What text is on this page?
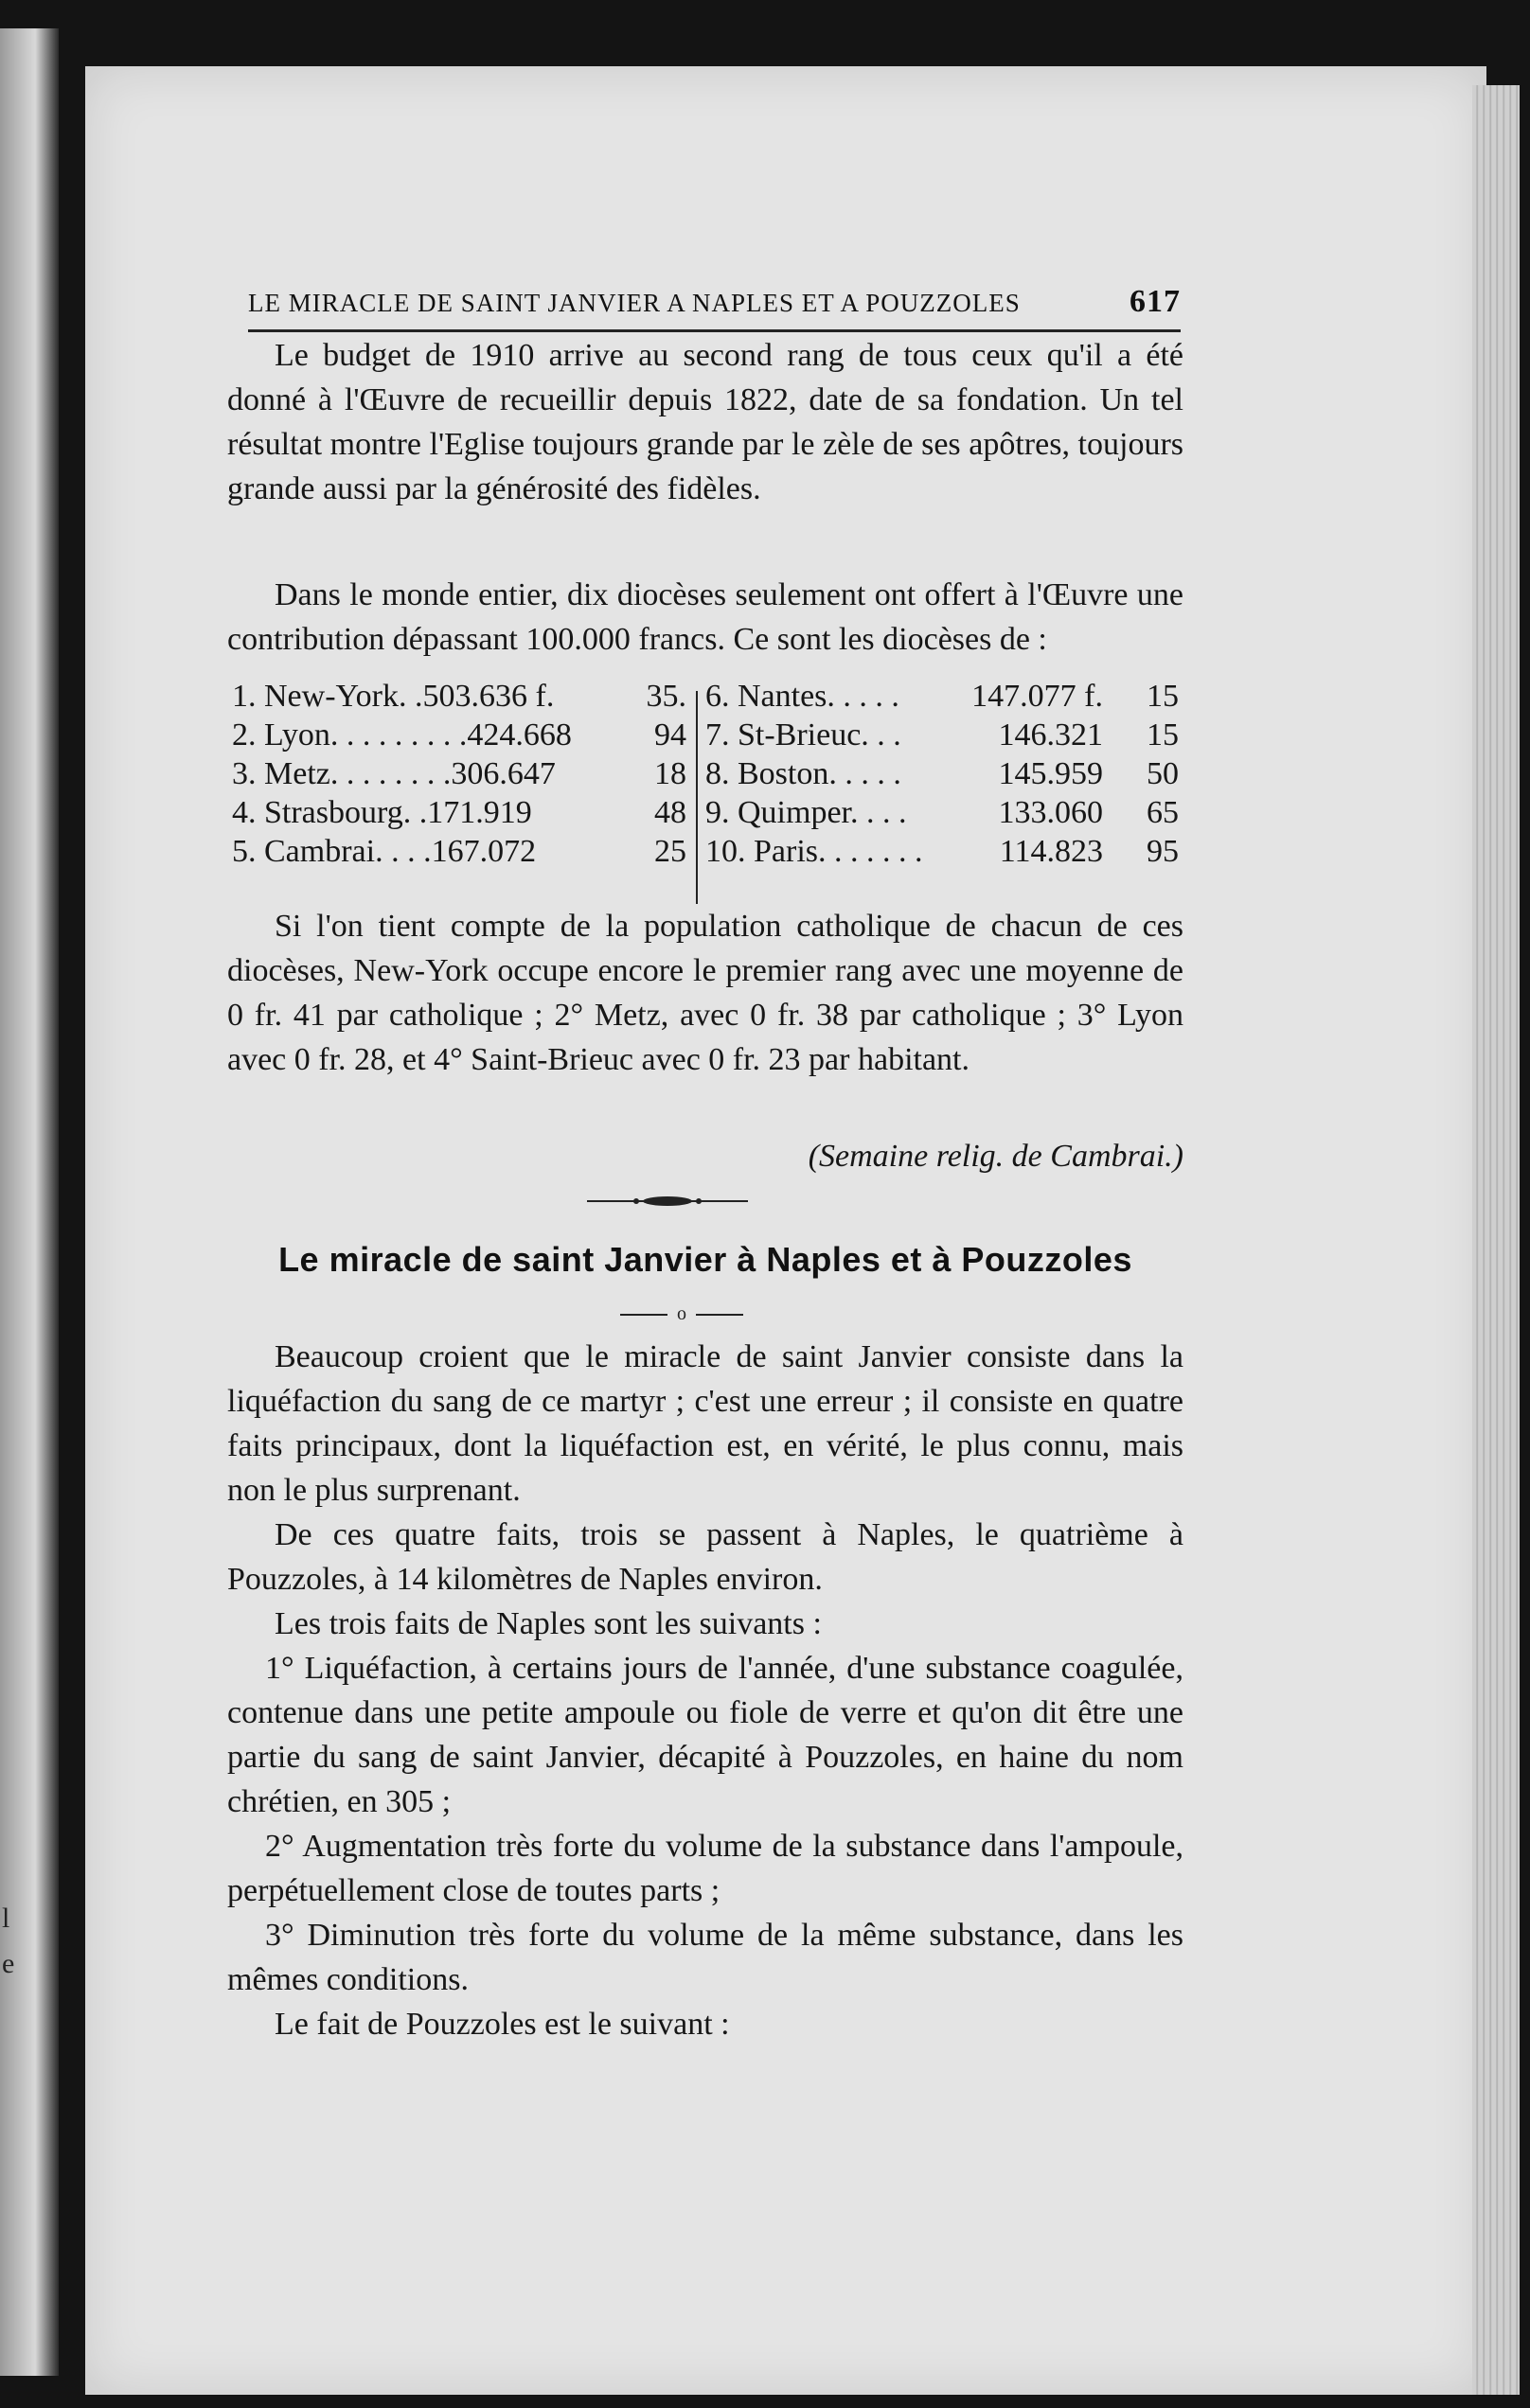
l
e
LE MIRACLE DE SAINT JANVIER A NAPLES ET A POUZZOLES	617

Le budget de 1910 arrive au second rang de tous ceux qu'il a été donné à l'Œuvre de recueillir depuis 1822, date de sa fondation. Un tel résultat montre l'Eglise toujours grande par le zèle de ses apôtres, toujours grande aussi par la générosité des fidèles.

Dans le monde entier, dix diocèses seulement ont offert à l'Œuvre une contribution dépassant 100.000 francs. Ce sont les diocèses de :

1. New-York. .503.636 f.	35.
2. Lyon. . . . . . . . .424.668	94
3. Metz. . . . . . . .306.647	18
4. Strasbourg. .171.919	48
5. Cambrai. . . .167.072	25
6. Nantes. . . . .	147.077 f.	15
7. St-Brieuc. . .	146.321	15
8. Boston. . . . .	145.959	50
9. Quimper. . . .	133.060	65
10. Paris. . . . . . .	114.823	95

Si l'on tient compte de la population catholique de chacun de ces diocèses, New-York occupe encore le premier rang avec une moyenne de 0 fr. 41 par catholique ; 2° Metz, avec 0 fr. 38 par catholique ; 3° Lyon avec 0 fr. 28, et 4° Saint-Brieuc avec 0 fr. 23 par habitant.

(Semaine relig. de Cambrai.)

Le miracle de saint Janvier à Naples et à Pouzzoles
o

Beaucoup croient que le miracle de saint Janvier consiste dans la liquéfaction du sang de ce martyr ; c'est une erreur ; il consiste en quatre faits principaux, dont la liquéfaction est, en vérité, le plus connu, mais non le plus surprenant.

De ces quatre faits, trois se passent à Naples, le quatrième à Pouzzoles, à 14 kilomètres de Naples environ.

Les trois faits de Naples sont les suivants :

1° Liquéfaction, à certains jours de l'année, d'une substance coagulée, contenue dans une petite ampoule ou fiole de verre et qu'on dit être une partie du sang de saint Janvier, décapité à Pouzzoles, en haine du nom chrétien, en 305 ;

2° Augmentation très forte du volume de la substance dans l'ampoule, perpétuellement close de toutes parts ;

3° Diminution très forte du volume de la même substance, dans les mêmes conditions.

Le fait de Pouzzoles est le suivant :
